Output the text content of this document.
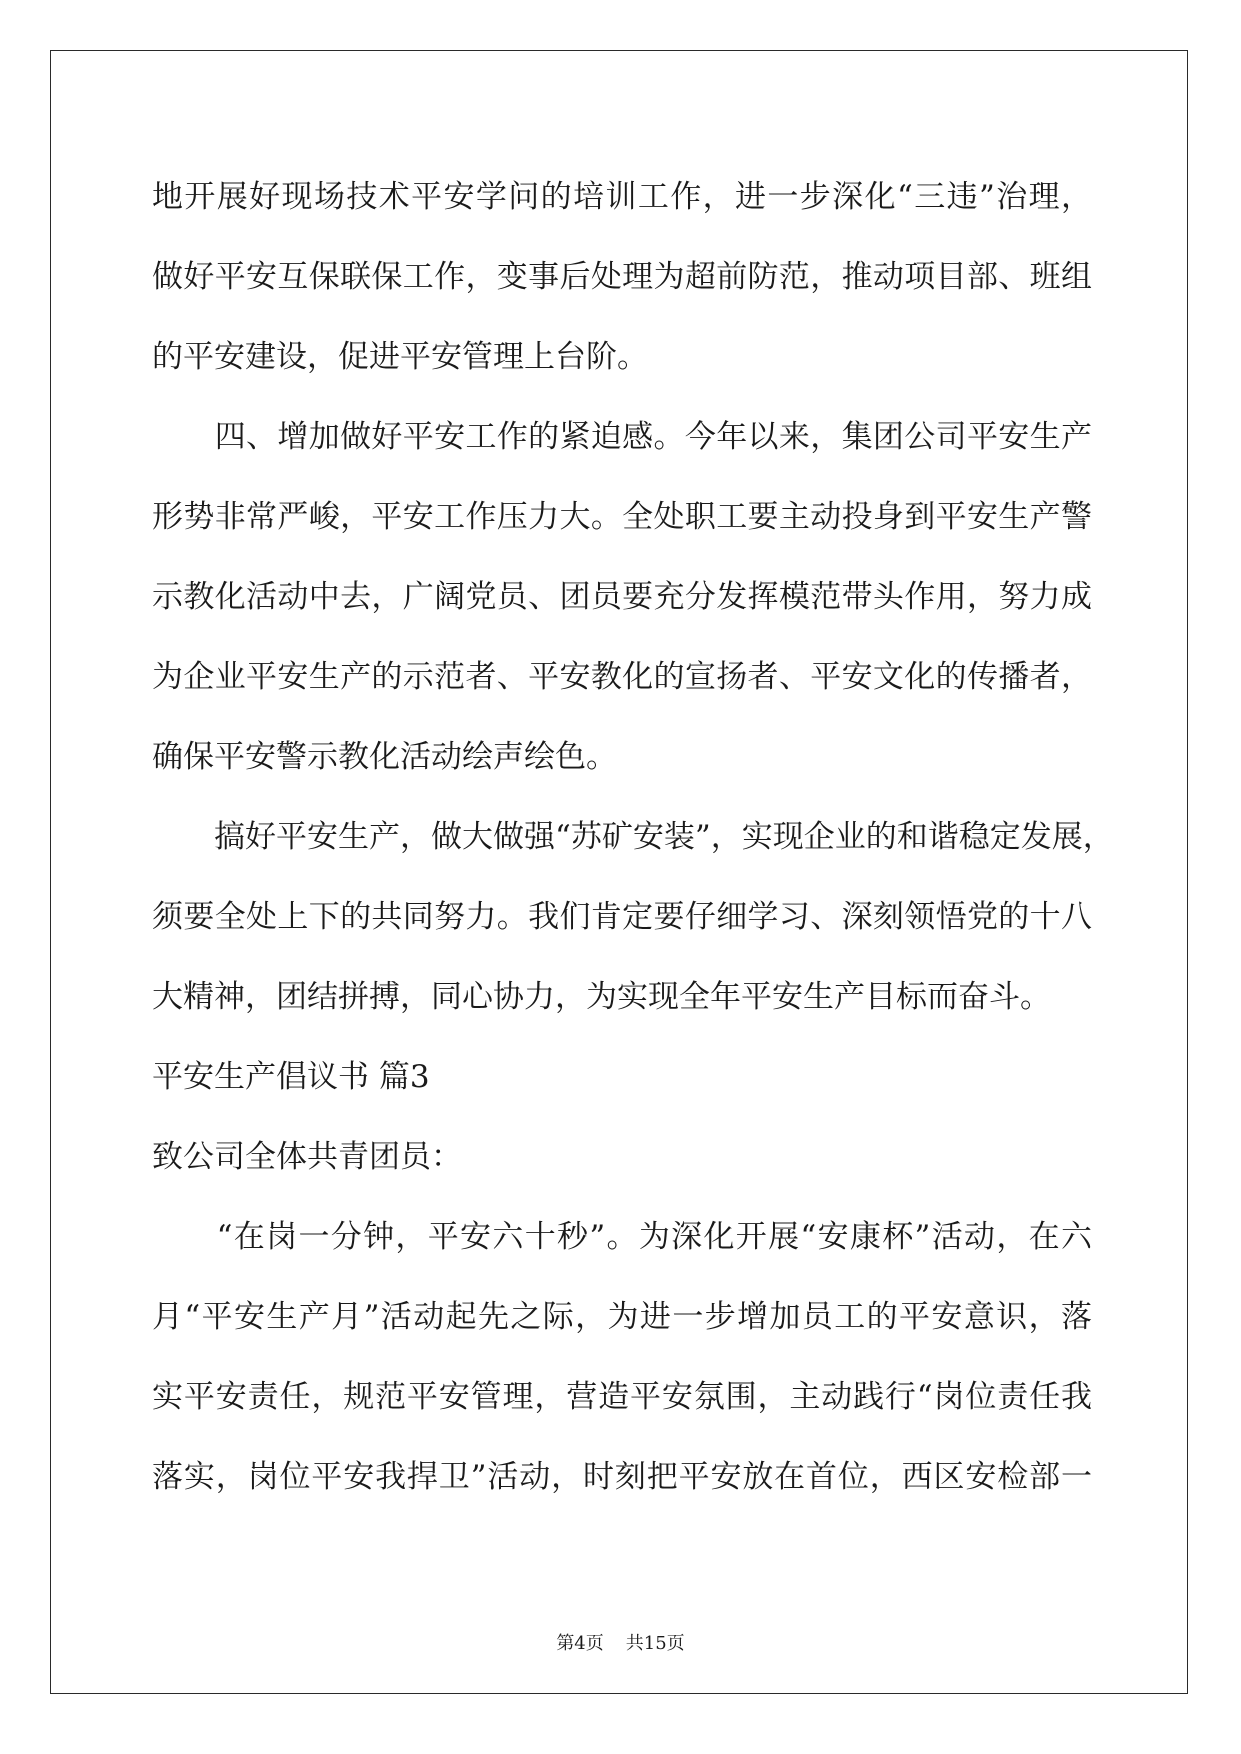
地开展好现场技术平安学问的培训工作，进一步深化“三违”治理，

做好平安互保联保工作，变事后处理为超前防范，推动项目部、班组

的平安建设，促进平安管理上台阶。

　　四、增加做好平安工作的紧迫感。今年以来，集团公司平安生产

形势非常严峻，平安工作压力大。全处职工要主动投身到平安生产警

示教化活动中去，广阔党员、团员要充分发挥模范带头作用，努力成

为企业平安生产的示范者、平安教化的宣扬者、平安文化的传播者，

确保平安警示教化活动绘声绘色。

　　搞好平安生产，做大做强“苏矿安装”，实现企业的和谐稳定发展，

须要全处上下的共同努力。我们肯定要仔细学习、深刻领悟党的十八

大精神，团结拼搏，同心协力，为实现全年平安生产目标而奋斗。

平安生产倡议书 篇3

致公司全体共青团员：

　　“在岗一分钟，平安六十秒”。为深化开展“安康杯”活动，在六

月“平安生产月”活动起先之际，为进一步增加员工的平安意识，落

实平安责任，规范平安管理，营造平安氛围，主动践行“岗位责任我

落实，岗位平安我捍卫”活动，时刻把平安放在首位，西区安检部一

第4页 共15页
